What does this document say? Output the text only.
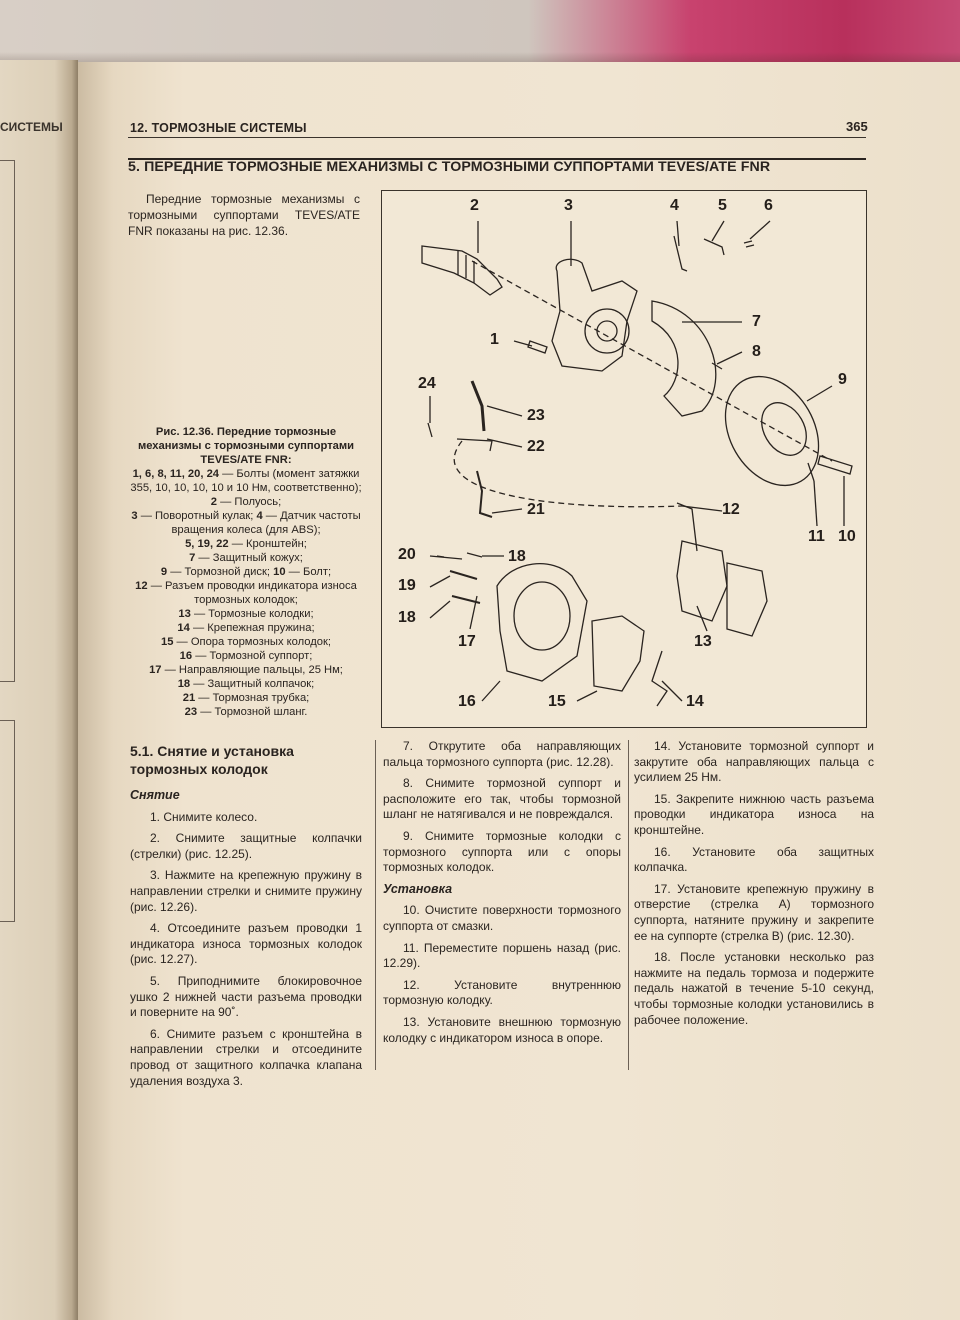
СИСТЕМЫ	12. ТОРМОЗНЫЕ СИСТЕМЫ	365
5. ПЕРЕДНИЕ ТОРМОЗНЫЕ МЕХАНИЗМЫ С ТОРМОЗНЫМИ СУППОРТАМИ TEVES/ATE FNR
Передние тормозные механизмы с тормозными суппортами TEVES/ATE FNR показаны на рис. 12.36.
2	3	4 5 6
7
8
1
9
24
23
22
21	12
11 10
20	18
19
18
17	13
16	15	14
Рис. 12.36. Передние тормозные механизмы с тормозными суппортами TEVES/ATE FNR:
1, 6, 8, 11, 20, 24 — Болты (момент затяжки 355, 10, 10, 10, 10 и 10 Нм, соответственно); 2 — Полуось;
3 — Поворотный кулак; 4 — Датчик частоты вращения колеса (для ABS);
5, 19, 22 — Кронштейн;
7 — Защитный кожух;
9 — Тормозной диск; 10 — Болт;
12 — Разъем проводки индикатора износа тормозных колодок;
13 — Тормозные колодки;
14 — Крепежная пружина;
15 — Опора тормозных колодок;
16 — Тормозной суппорт;
17 — Направляющие пальцы, 25 Нм;
18 — Защитный колпачок;
21 — Тормозная трубка;
23 — Тормозной шланг.
5.1. Снятие и установка тормозных колодок
Снятие

1. Снимите колесо.

2. Снимите защитные колпачки (стрелки) (рис. 12.25).

3. Нажмите на крепежную пружину в направлении стрелки и снимите пружину (рис. 12.26).

4. Отсоедините разъем проводки 1 индикатора износа тормозных колодок (рис. 12.27).

5. Приподнимите блокировочное ушко 2 нижней части разъема проводки и поверните на 90˚.

6. Снимите разъем с кронштейна в направлении стрелки и отсоедините провод от защитного колпачка клапана удаления воздуха 3.

7. Открутите оба направляющих пальца тормозного суппорта (рис. 12.28).

8. Снимите тормозной суппорт и расположите его так, чтобы тормозной шланг не натягивался и не повреждался.

9. Снимите тормозные колодки с тормозного суппорта или с опоры тормозных колодок.

Установка

10. Очистите поверхности тормозного суппорта от смазки.

11. Переместите поршень назад (рис. 12.29).

12. Установите внутреннюю тормозную колодку.

13. Установите внешнюю тормозную колодку с индикатором износа в опоре.

14. Установите тормозной суппорт и закрутите оба направляющих пальца с усилием 25 Нм.

15. Закрепите нижнюю часть разъема проводки индикатора износа на кронштейне.

16. Установите оба защитных колпачка.

17. Установите крепежную пружину в отверстие (стрелка А) тормозного суппорта, натяните пружину и закрепите ее на суппорте (стрелка В) (рис. 12.30).

18. После установки несколько раз нажмите на педаль тормоза и подержите педаль нажатой в течение 5-10 секунд, чтобы тормозные колодки установились в рабочее положение.
